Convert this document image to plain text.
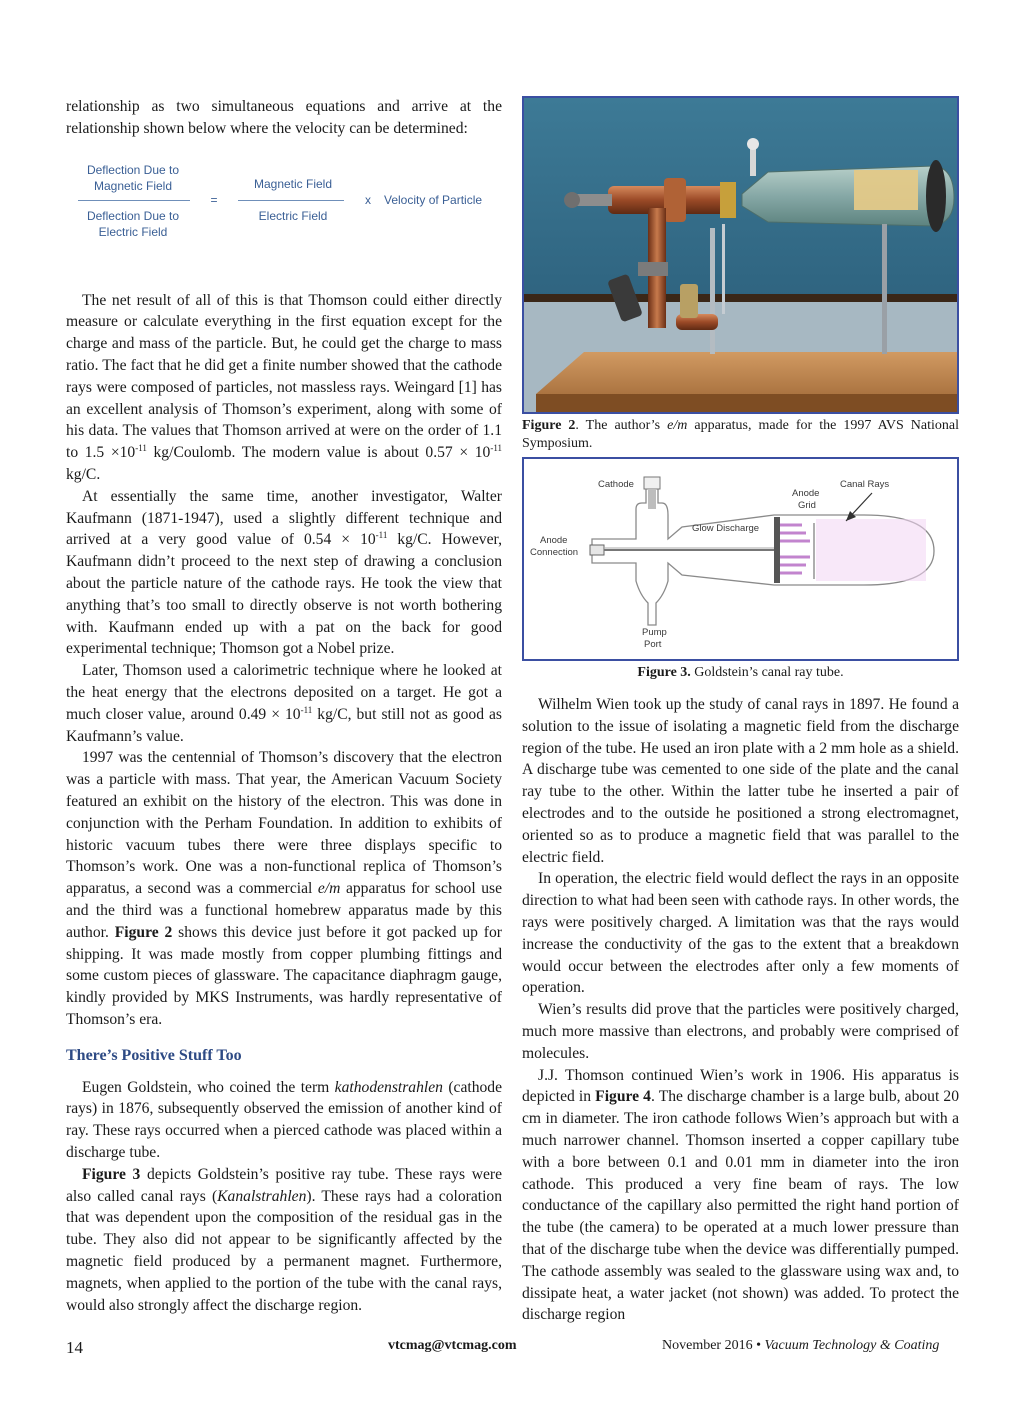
relationship as two simultaneous equations and arrive at the relationship shown below where the velocity can be determined:

Deflection Due to
Magnetic Field
Deflection Due to
Electric Field
=
Magnetic Field
Electric Field
x	Velocity of Particle

The net result of all of this is that Thomson could either directly measure or calculate everything in the first equation except for the charge and mass of the particle. But, he could get the charge to mass ratio. The fact that he did get a finite number showed that the cathode rays were composed of particles, not massless rays. Weingard [1] has an excellent analysis of Thomson’s experiment, along with some of his data. The values that Thomson arrived at were on the order of 1.1 to $1.5 \times 10^{-11}$ kg/Coulomb. The modern value is about $0.57 \times 10^{-11}$ kg/C.

At essentially the same time, another investigator, Walter Kaufmann (1871-1947), used a slightly different technique and arrived at a very good value of $0.54 \times 10^{-11}$ kg/C. However, Kaufmann didn’t proceed to the next step of drawing a conclusion about the particle nature of the cathode rays. He took the view that anything that’s too small to directly observe is not worth bothering with. Kaufmann ended up with a pat on the back for good experimental technique; Thomson got a Nobel prize.

Later, Thomson used a calorimetric technique where he looked at the heat energy that the electrons deposited on a target. He got a much closer value, around $0.49 \times 10^{-11}$ kg/C, but still not as good as Kaufmann’s value.

1997 was the centennial of Thomson’s discovery that the electron was a particle with mass. That year, the American Vacuum Society featured an exhibit on the history of the electron. This was done in conjunction with the Perham Foundation. In addition to exhibits of historic vacuum tubes there were three displays specific to Thomson’s work. One was a non-functional replica of Thomson’s apparatus, a second was a commercial e/m apparatus for school use and the third was a functional homebrew apparatus made by this author. Figure 2 shows this device just before it got packed up for shipping. It was made mostly from copper plumbing fittings and some custom pieces of glassware. The capacitance diaphragm gauge, kindly provided by MKS Instruments, was hardly representative of Thomson’s era.

There’s Positive Stuff Too

Eugen Goldstein, who coined the term kathodenstrahlen (cathode rays) in 1876, subsequently observed the emission of another kind of ray. These rays occurred when a pierced cathode was placed within a discharge tube.

Figure 3 depicts Goldstein’s positive ray tube. These rays were also called canal rays (Kanalstrahlen). These rays had a coloration that was dependent upon the composition of the residual gas in the tube. They also did not appear to be significantly affected by the magnetic field produced by a permanent magnet. Furthermore, magnets, when applied to the portion of the tube with the canal rays, would also strongly affect the discharge region.

Figure 2. The author’s e/m apparatus, made for the 1997 AVS National Symposium.

Cathode
Anode
Grid
Canal Rays
Glow Discharge
Anode
Connection
Pump
Port

Figure 3. Goldstein’s canal ray tube.

Wilhelm Wien took up the study of canal rays in 1897. He found a solution to the issue of isolating a magnetic field from the discharge region of the tube. He used an iron plate with a 2 mm hole as a shield. A discharge tube was cemented to one side of the plate and the canal ray tube to the other. Within the latter tube he inserted a pair of electrodes and to the outside he positioned a strong electromagnet, oriented so as to produce a magnetic field that was parallel to the electric field.

In operation, the electric field would deflect the rays in an opposite direction to what had been seen with cathode rays. In other words, the rays were positively charged. A limitation was that the rays would increase the conductivity of the gas to the extent that a breakdown would occur between the electrodes after only a few moments of operation.

Wien’s results did prove that the particles were positively charged, much more massive than electrons, and probably were comprised of molecules.

J.J. Thomson continued Wien’s work in 1906. His apparatus is depicted in Figure 4. The discharge chamber is a large bulb, about 20 cm in diameter. The iron cathode follows Wien’s approach but with a much narrower channel. Thomson inserted a copper capillary tube with a bore between 0.1 and 0.01 mm in diameter into the iron cathode. This produced a very fine beam of rays. The low conductance of the capillary also permitted the right hand portion of the tube (the camera) to be operated at a much lower pressure than that of the discharge tube when the device was differentially pumped. The cathode assembly was sealed to the glassware using wax and, to dissipate heat, a water jacket (not shown) was added. To protect the discharge region

14	vtcmag@vtcmag.com	November 2016 • Vacuum Technology & Coating
